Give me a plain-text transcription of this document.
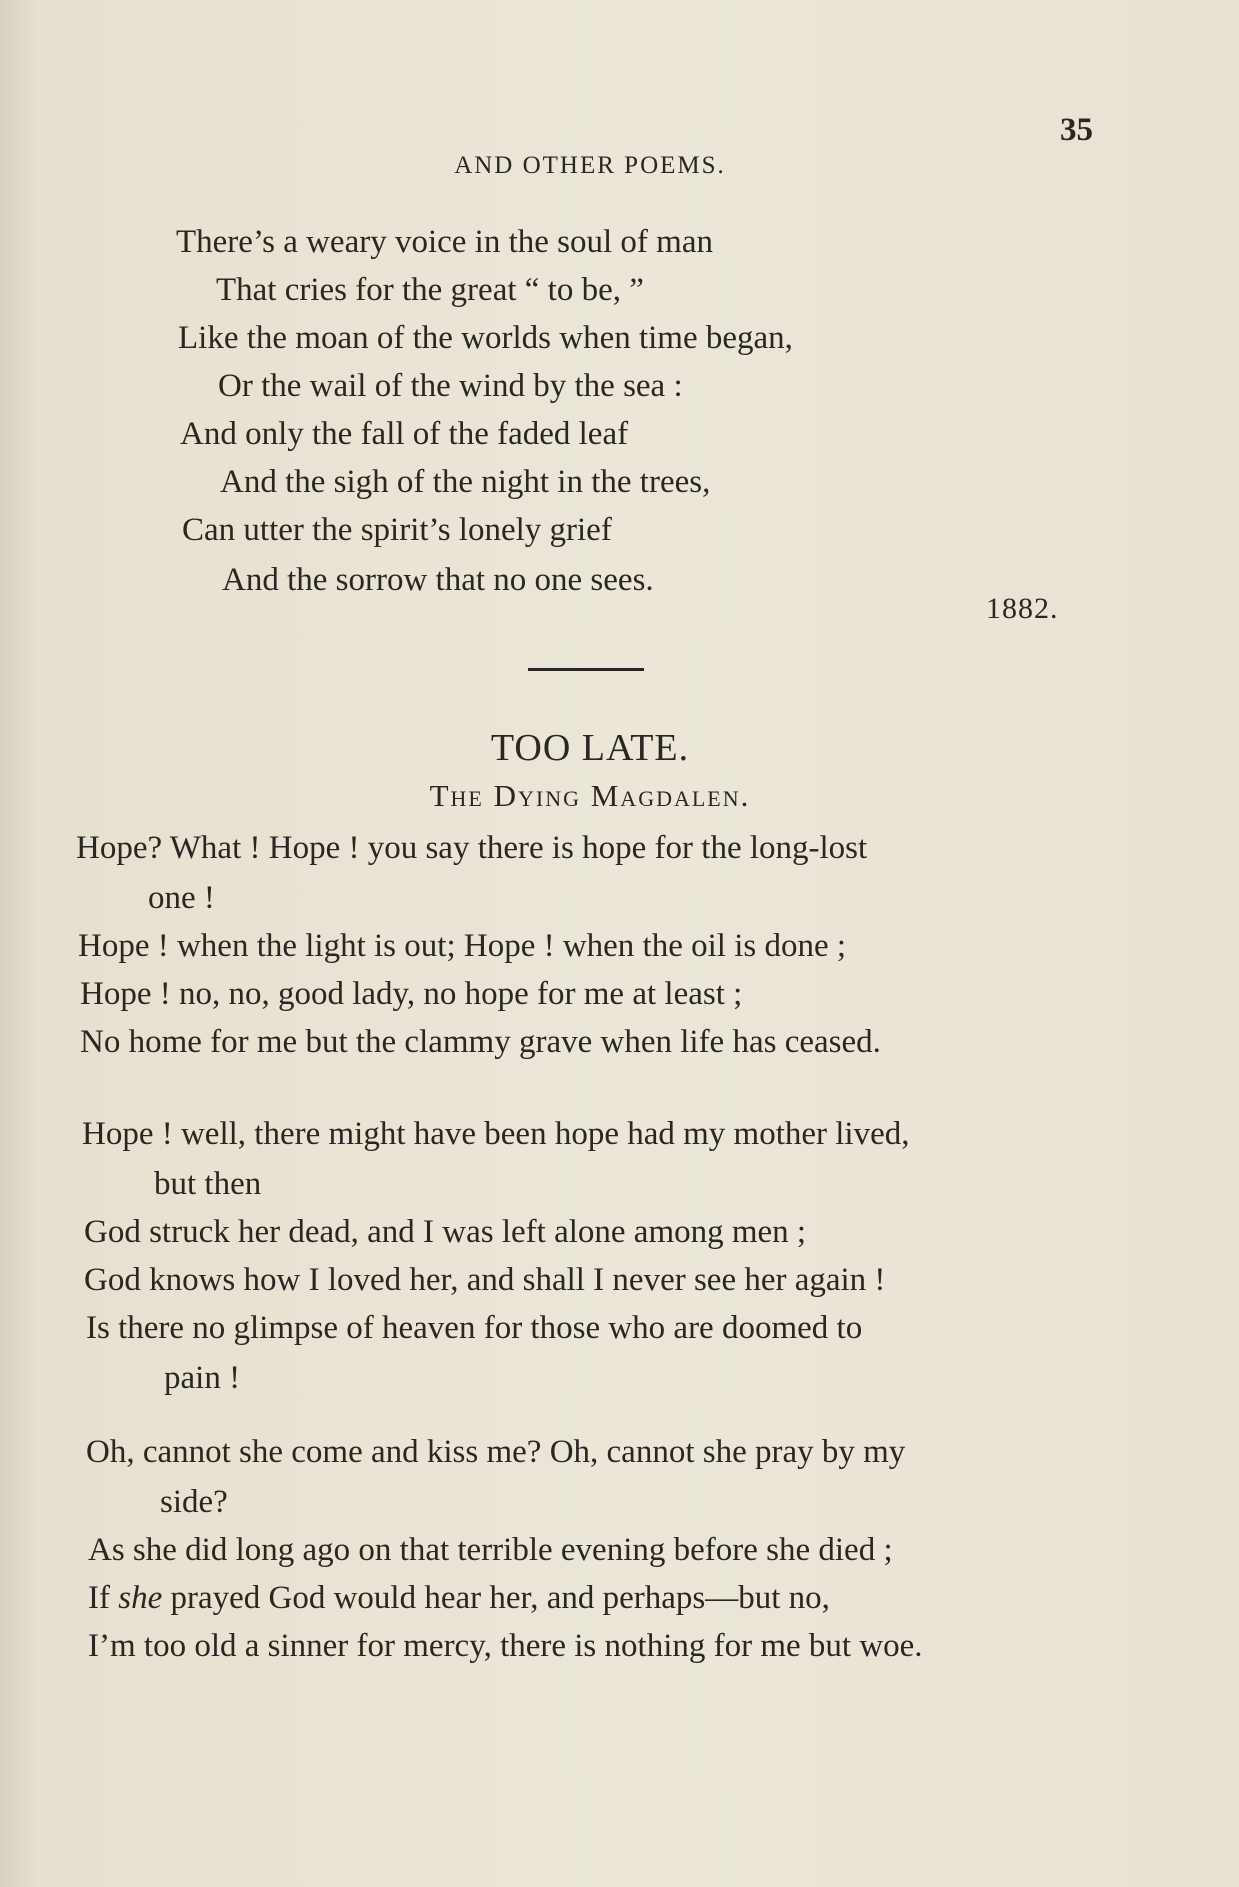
AND OTHER POEMS.
35
There’s a weary voice in the soul of man
That cries for the great “ to be, ”
Like the moan of the worlds when time began,
Or the wail of the wind by the sea :
And only the fall of the faded leaf
And the sigh of the night in the trees,
Can utter the spirit’s lonely grief
And the sorrow that no one sees.
1882.
TOO LATE.
The Dying Magdalen.
Hope? What ! Hope ! you say there is hope for the long-lost
one !
Hope ! when the light is out; Hope ! when the oil is done ;
Hope ! no, no, good lady, no hope for me at least ;
No home for me but the clammy grave when life has ceased.
Hope ! well, there might have been hope had my mother lived,
but then
God struck her dead, and I was left alone among men ;
God knows how I loved her, and shall I never see her again !
Is there no glimpse of heaven for those who are doomed to
pain !
Oh, cannot she come and kiss me? Oh, cannot she pray by my
side?
As she did long ago on that terrible evening before she died ;
If she prayed God would hear her, and perhaps—but no,
I’m too old a sinner for mercy, there is nothing for me but woe.
